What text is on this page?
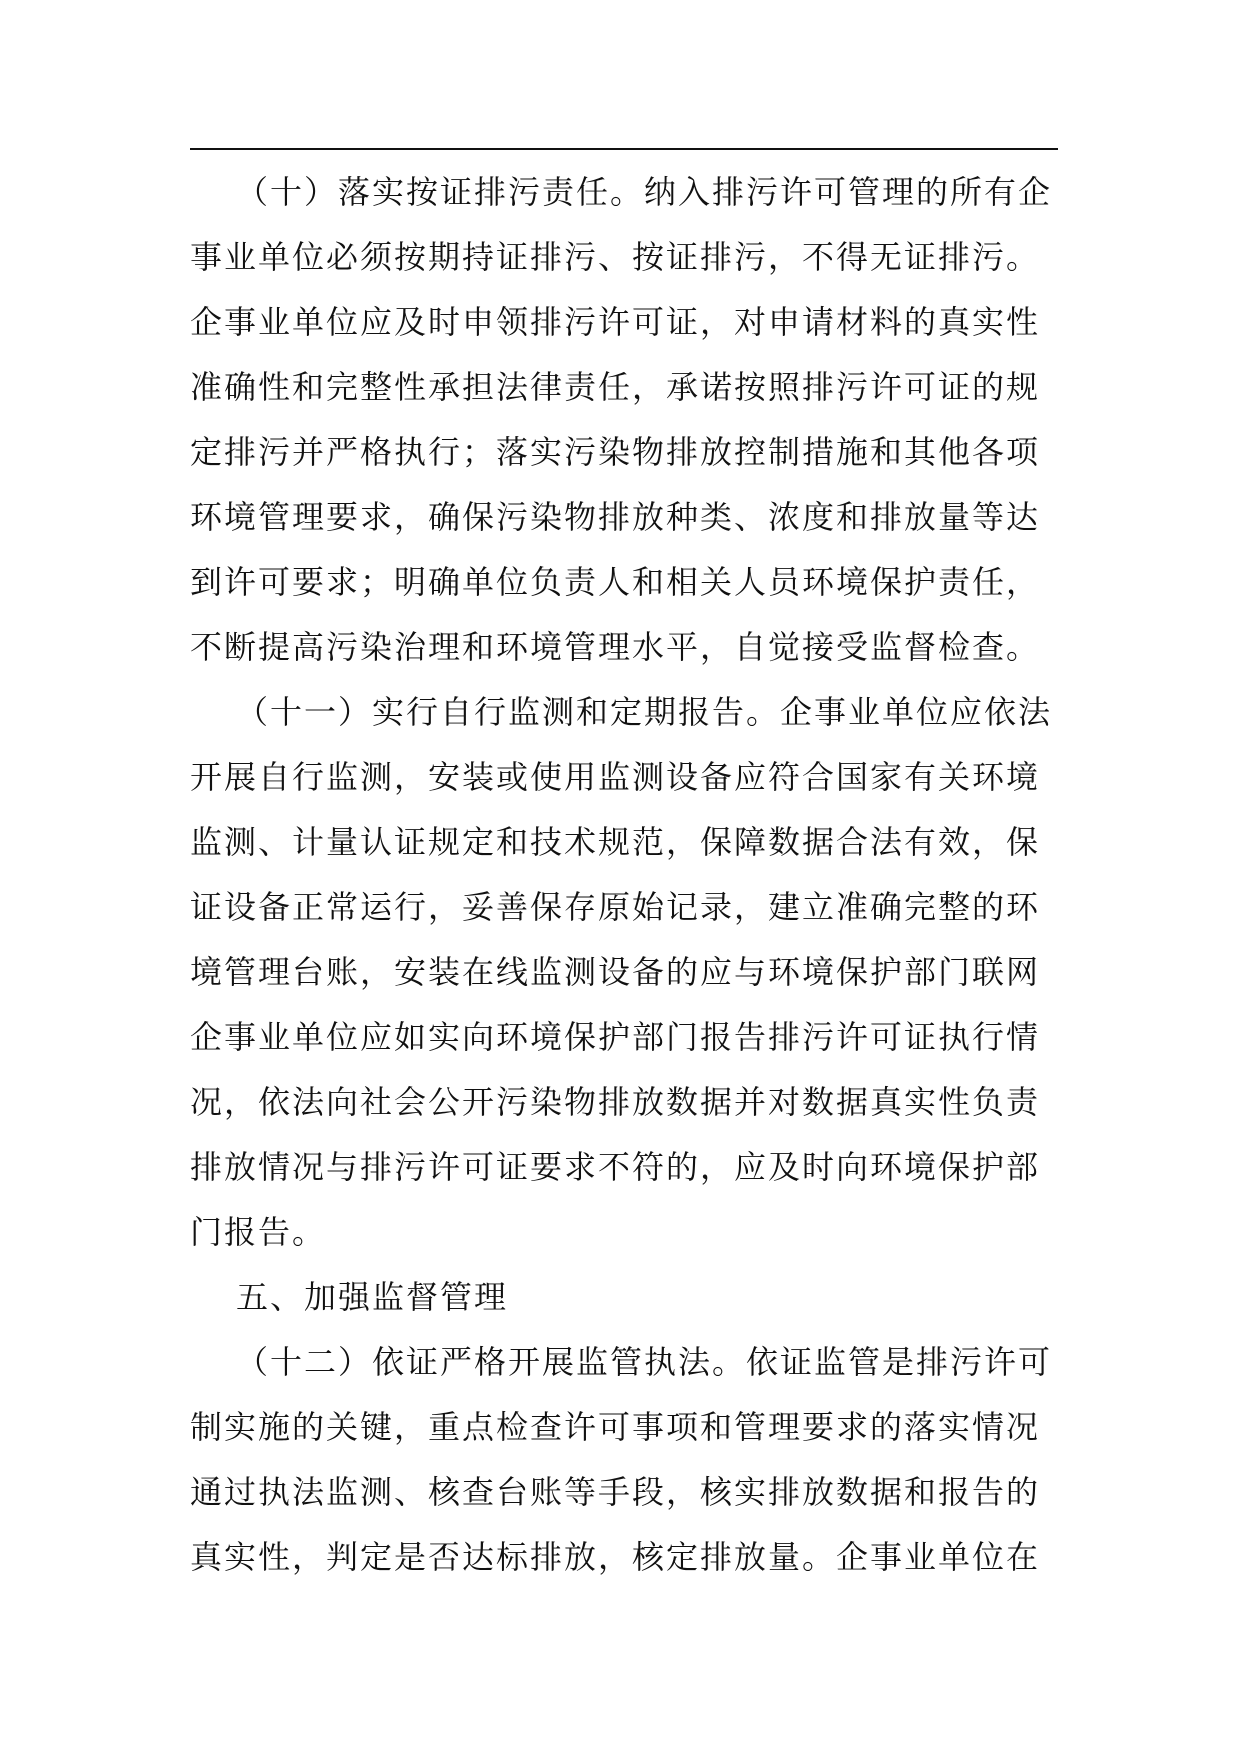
（十）落实按证排污责任。纳入排污许可管理的所有企
事业单位必须按期持证排污、按证排污，不得无证排污。
企事业单位应及时申领排污许可证，对申请材料的真实性
准确性和完整性承担法律责任，承诺按照排污许可证的规
定排污并严格执行；落实污染物排放控制措施和其他各项
环境管理要求，确保污染物排放种类、浓度和排放量等达
到许可要求；明确单位负责人和相关人员环境保护责任，
不断提高污染治理和环境管理水平，自觉接受监督检查。
（十一）实行自行监测和定期报告。企事业单位应依法
开展自行监测，安装或使用监测设备应符合国家有关环境
监测、计量认证规定和技术规范，保障数据合法有效，保
证设备正常运行，妥善保存原始记录，建立准确完整的环
境管理台账，安装在线监测设备的应与环境保护部门联网
企事业单位应如实向环境保护部门报告排污许可证执行情
况，依法向社会公开污染物排放数据并对数据真实性负责
排放情况与排污许可证要求不符的，应及时向环境保护部
门报告。
五、加强监督管理
（十二）依证严格开展监管执法。依证监管是排污许可
制实施的关键，重点检查许可事项和管理要求的落实情况
通过执法监测、核查台账等手段，核实排放数据和报告的
真实性，判定是否达标排放，核定排放量。企事业单位在
